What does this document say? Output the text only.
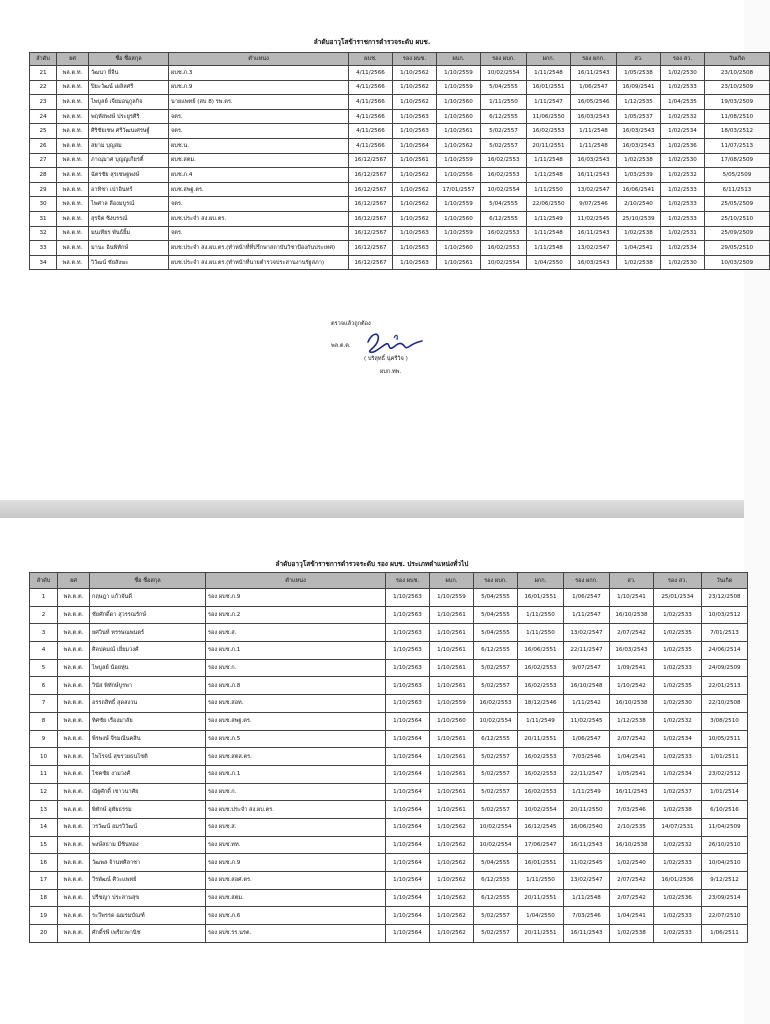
ลำดับอาวุโสข้าราชการตำรวจระดับ ผบช.
ลำดับ	ยศ	ชื่อ ชื่อสกุล	ตำแหน่ง	ผบช.	รอง ผบช.	ผบก.	รอง ผบก.	ผกก.	รอง ผกก.	สว.	รอง สว.	วันเกิด
21	พล.ต.ท.	วัฒนา ยี่จีน	ผบช.ภ.3	4/11/2566	1/10/2562	1/10/2559	10/02/2554	1/11/2548	16/11/2543	1/05/2538	1/02/2530	23/10/2508
22	พล.ต.ท.	ปิยะวัฒน์ เผลิลศรี	ผบช.ภ.9	4/11/2566	1/10/2562	1/10/2559	5/04/2555	16/01/2551	1/06/2547	16/09/2541	1/02/2533	23/10/2509
23	พล.ต.ท.	ไพบูลย์ เจียมอนุกูลกิจ	นายแพทย์ (สบ 8) รพ.ตร.	4/11/2566	1/10/2562	1/10/2560	1/11/2550	1/11/2547	16/05/2546	1/12/2535	1/04/2535	19/03/2509
24	พล.ต.ท.	พฤหัสพงษ์ ประยูรศิริ	จตร.	4/11/2566	1/10/2563	1/10/2560	6/12/2555	11/06/2550	16/03/2543	1/05/2537	1/02/2532	11/08/2510
25	พล.ต.ท.	ศิริชัยเชษ ศรีวัฒนเศรษฐ์	จตร.	4/11/2566	1/10/2563	1/10/2561	5/02/2557	16/02/2553	1/11/2548	16/03/2543	1/02/2534	18/03/2512
26	พล.ต.ท.	สยาม บุญสม	ผบช.น.	4/11/2566	1/10/2564	1/10/2562	5/02/2557	20/11/2551	1/11/2548	16/03/2543	1/02/2536	11/07/2513
27	พล.ต.ท.	ภาณุมาศ บุญญเกียรติ์	ผบช.สตม.	16/12/2567	1/10/2561	1/10/2559	16/02/2553	1/11/2548	16/03/2543	1/02/2538	1/02/2530	17/08/2509
28	พล.ต.ท.	ฉัตรชัย สุรเชษฐพงษ์	ผบช.ภ.4	16/12/2567	1/10/2562	1/10/2556	16/02/2553	1/11/2548	16/11/2543	1/03/2539	1/02/2532	5/05/2509
29	พล.ต.ท.	อาทิชา เปาอินทร์	ผบช.สพฐ.ตร.	16/12/2567	1/10/2562	17/01/2557	10/02/2554	1/11/2550	13/02/2547	16/06/2541	1/02/2533	6/11/2513
30	พล.ต.ท.	ไพศาล ลีองมบูรณ์	จตร.	16/12/2567	1/10/2562	1/10/2559	5/04/2555	22/06/2550	9/07/2546	2/10/2540	1/02/2533	25/05/2509
31	พล.ต.ท.	สุรจิต ซิงบรรณ์	ผบช.ประจำ สง.ผบ.ตร.	16/12/2567	1/10/2562	1/10/2560	6/12/2555	1/11/2549	11/02/2545	25/10/2539	1/02/2533	25/10/2510
32	พล.ต.ท.	มนเทียร พันธ์ยิ้ม	จตร.	16/12/2567	1/10/2563	1/10/2559	16/02/2553	1/11/2548	16/11/2543	1/02/2538	1/02/2531	25/09/2509
33	พล.ต.ท.	มานะ อินพิทักษ์	ผบช.ประจำ สง.ผบ.ตร.(ทำหน้าที่ที่ปรึกษาสถาบันวิชาป้องกันประเทศ)	16/12/2567	1/10/2563	1/10/2560	16/02/2553	1/11/2548	13/02/2547	1/04/2541	1/02/2534	29/05/2510
34	พล.ต.ท.	วิวัฒน์ ชัยสังฆะ	ผบช.ประจำ สง.ผบ.ตร.(ทำหน้าที่นายตำรวจประสานงานรัฐสภา)	16/12/2567	1/10/2563	1/10/2561	10/02/2554	1/04/2550	16/03/2543	1/02/2538	1/02/2530	10/03/2509
ตรวจแล้วถูกต้อง
พล.ต.ต.
( บริสุทธิ์ นุ่ครีวิจ )
ผบก.ทพ.
ลำดับอาวุโสข้าราชการตำรวจระดับ รอง ผบช. ประเภทตำแหน่งทั่วไป
ลำดับ	ยศ	ชื่อ ชื่อสกุล	ตำแหน่ง	รอง ผบช.	ผบก.	รอง ผบก.	ผกก.	รอง ผกก.	สว.	รอง สว.	วันเกิด
1	พล.ต.ต.	กฤษฎา แก้วจันดี	รอง ผบช.ภ.9	1/10/2563	1/10/2559	5/04/2555	16/01/2551	1/06/2547	1/10/2541	25/01/2534	23/12/2508
2	พล.ต.ต.	ชัยศักดิ์ดา สุวรรณรักษ์	รอง ผบช.ภ.2	1/10/2563	1/10/2561	5/04/2555	1/11/2550	1/11/2547	16/10/2538	1/02/2533	10/03/2512
3	พล.ต.ต.	ยศวินท์ หรรษณพนตร์	รอง ผบช.ส.	1/10/2563	1/10/2561	5/04/2555	1/11/2550	13/02/2547	2/07/2542	1/02/2535	7/01/2513
4	พล.ต.ต.	ศิลปคมณ์ เยี่ยมวงศ์	รอง ผบช.ภ.1	1/10/2563	1/10/2561	6/12/2555	16/06/2551	22/11/2547	16/03/2543	1/02/2535	24/06/2514
5	พล.ต.ต.	ไพบูลย์ น้อยหุ่น	รอง ผบช.ก.	1/10/2563	1/10/2561	5/02/2557	16/02/2553	9/07/2547	1/09/2541	1/02/2533	24/09/2509
6	พล.ต.ต.	วินัส พิทักษ์บูรพา	รอง ผบช.ภ.8	1/10/2563	1/10/2561	5/02/2557	16/02/2553	16/10/2548	1/10/2542	1/02/2535	22/01/2513
7	พล.ต.ต.	อรรถสิทธิ์ สุดสงวน	รอง ผบช.สอท.	1/10/2563	1/10/2559	16/02/2553	18/12/2546	1/11/2542	16/10/2538	1/02/2530	22/10/2508
8	พล.ต.ต.	ทิศชัย เรืองมาลัย	รอง ผบช.สพฐ.ตร.	1/10/2564	1/10/2560	10/02/2554	1/11/2549	11/02/2545	1/12/2538	1/02/2532	3/08/2510
9	พล.ต.ต.	พีรพงษ์ จีรมณีนคสิน	รอง ผบช.ภ.5	1/10/2564	1/10/2561	6/12/2555	20/11/2551	1/06/2547	2/07/2542	1/02/2534	10/05/2511
10	พล.ต.ต.	ไพโรจน์ สุขรวยธนโชติ	รอง ผบช.สตส.ตร.	1/10/2564	1/10/2561	5/02/2557	16/02/2553	7/03/2546	1/04/2541	1/02/2533	1/01/2511
11	พล.ต.ต.	ไชคชัย งามวงศ์	รอง ผบช.ภ.1	1/10/2564	1/10/2561	5/02/2557	16/02/2553	22/11/2547	1/05/2541	1/02/2534	23/02/2512
12	พล.ต.ต.	ณัฐศักดิ์ เชาวนาศัย	รอง ผบช.ก.	1/10/2564	1/10/2561	5/02/2557	16/02/2553	1/11/2549	16/11/2543	1/02/2537	1/01/2514
13	พล.ต.ต.	พิทักษ์ อุทัยธรรม	รอง ผบช.ประจำ สง.ผบ.ตร.	1/10/2564	1/10/2561	5/02/2557	10/02/2554	20/11/2550	7/03/2546	1/02/2538	6/10/2516
14	พล.ต.ต.	วรวัฒน์ อมรวิวัฒน์	รอง ผบช.ส.	1/10/2564	1/10/2562	10/02/2554	16/12/2545	16/06/2540	2/10/2535	14/07/2531	11/04/2509
15	พล.ต.ต.	พงษ์สธาม มีชินทอง	รอง ผบช.ทท.	1/10/2564	1/10/2562	10/02/2554	17/06/2547	16/11/2543	16/10/2538	1/02/2532	26/10/2510
16	พล.ต.ต.	วัฒพล จ้านทศิลาชา	รอง ผบช.ภ.9	1/10/2564	1/10/2562	5/04/2555	16/01/2551	11/02/2545	1/02/2540	1/02/2533	10/04/2510
17	พล.ต.ต.	วีรพัฒน์ ศิวะแพทย์	รอง ผบช.สอศ.ตร.	1/10/2564	1/10/2562	6/12/2555	1/11/2550	13/02/2547	2/07/2542	16/01/2536	9/12/2512
18	พล.ต.ต.	ปรีชญา ประสานสุข	รอง ผบช.สตม.	1/10/2564	1/10/2562	6/12/2555	20/11/2551	1/11/2548	2/07/2542	1/02/2536	23/09/2514
19	พล.ต.ต.	ระวีพรรด ฌมรมบัณฑ์	รอง ผบช.ภ.6	1/10/2564	1/10/2562	5/02/2557	1/04/2550	7/03/2546	1/04/2541	1/02/2533	22/07/2510
20	พล.ต.ต.	ศักดิ์รพี เพรียวพานิช	รอง ผบช.รร.นรต.	1/10/2564	1/10/2562	5/02/2557	20/11/2551	16/11/2543	1/02/2538	1/02/2533	1/06/2511
